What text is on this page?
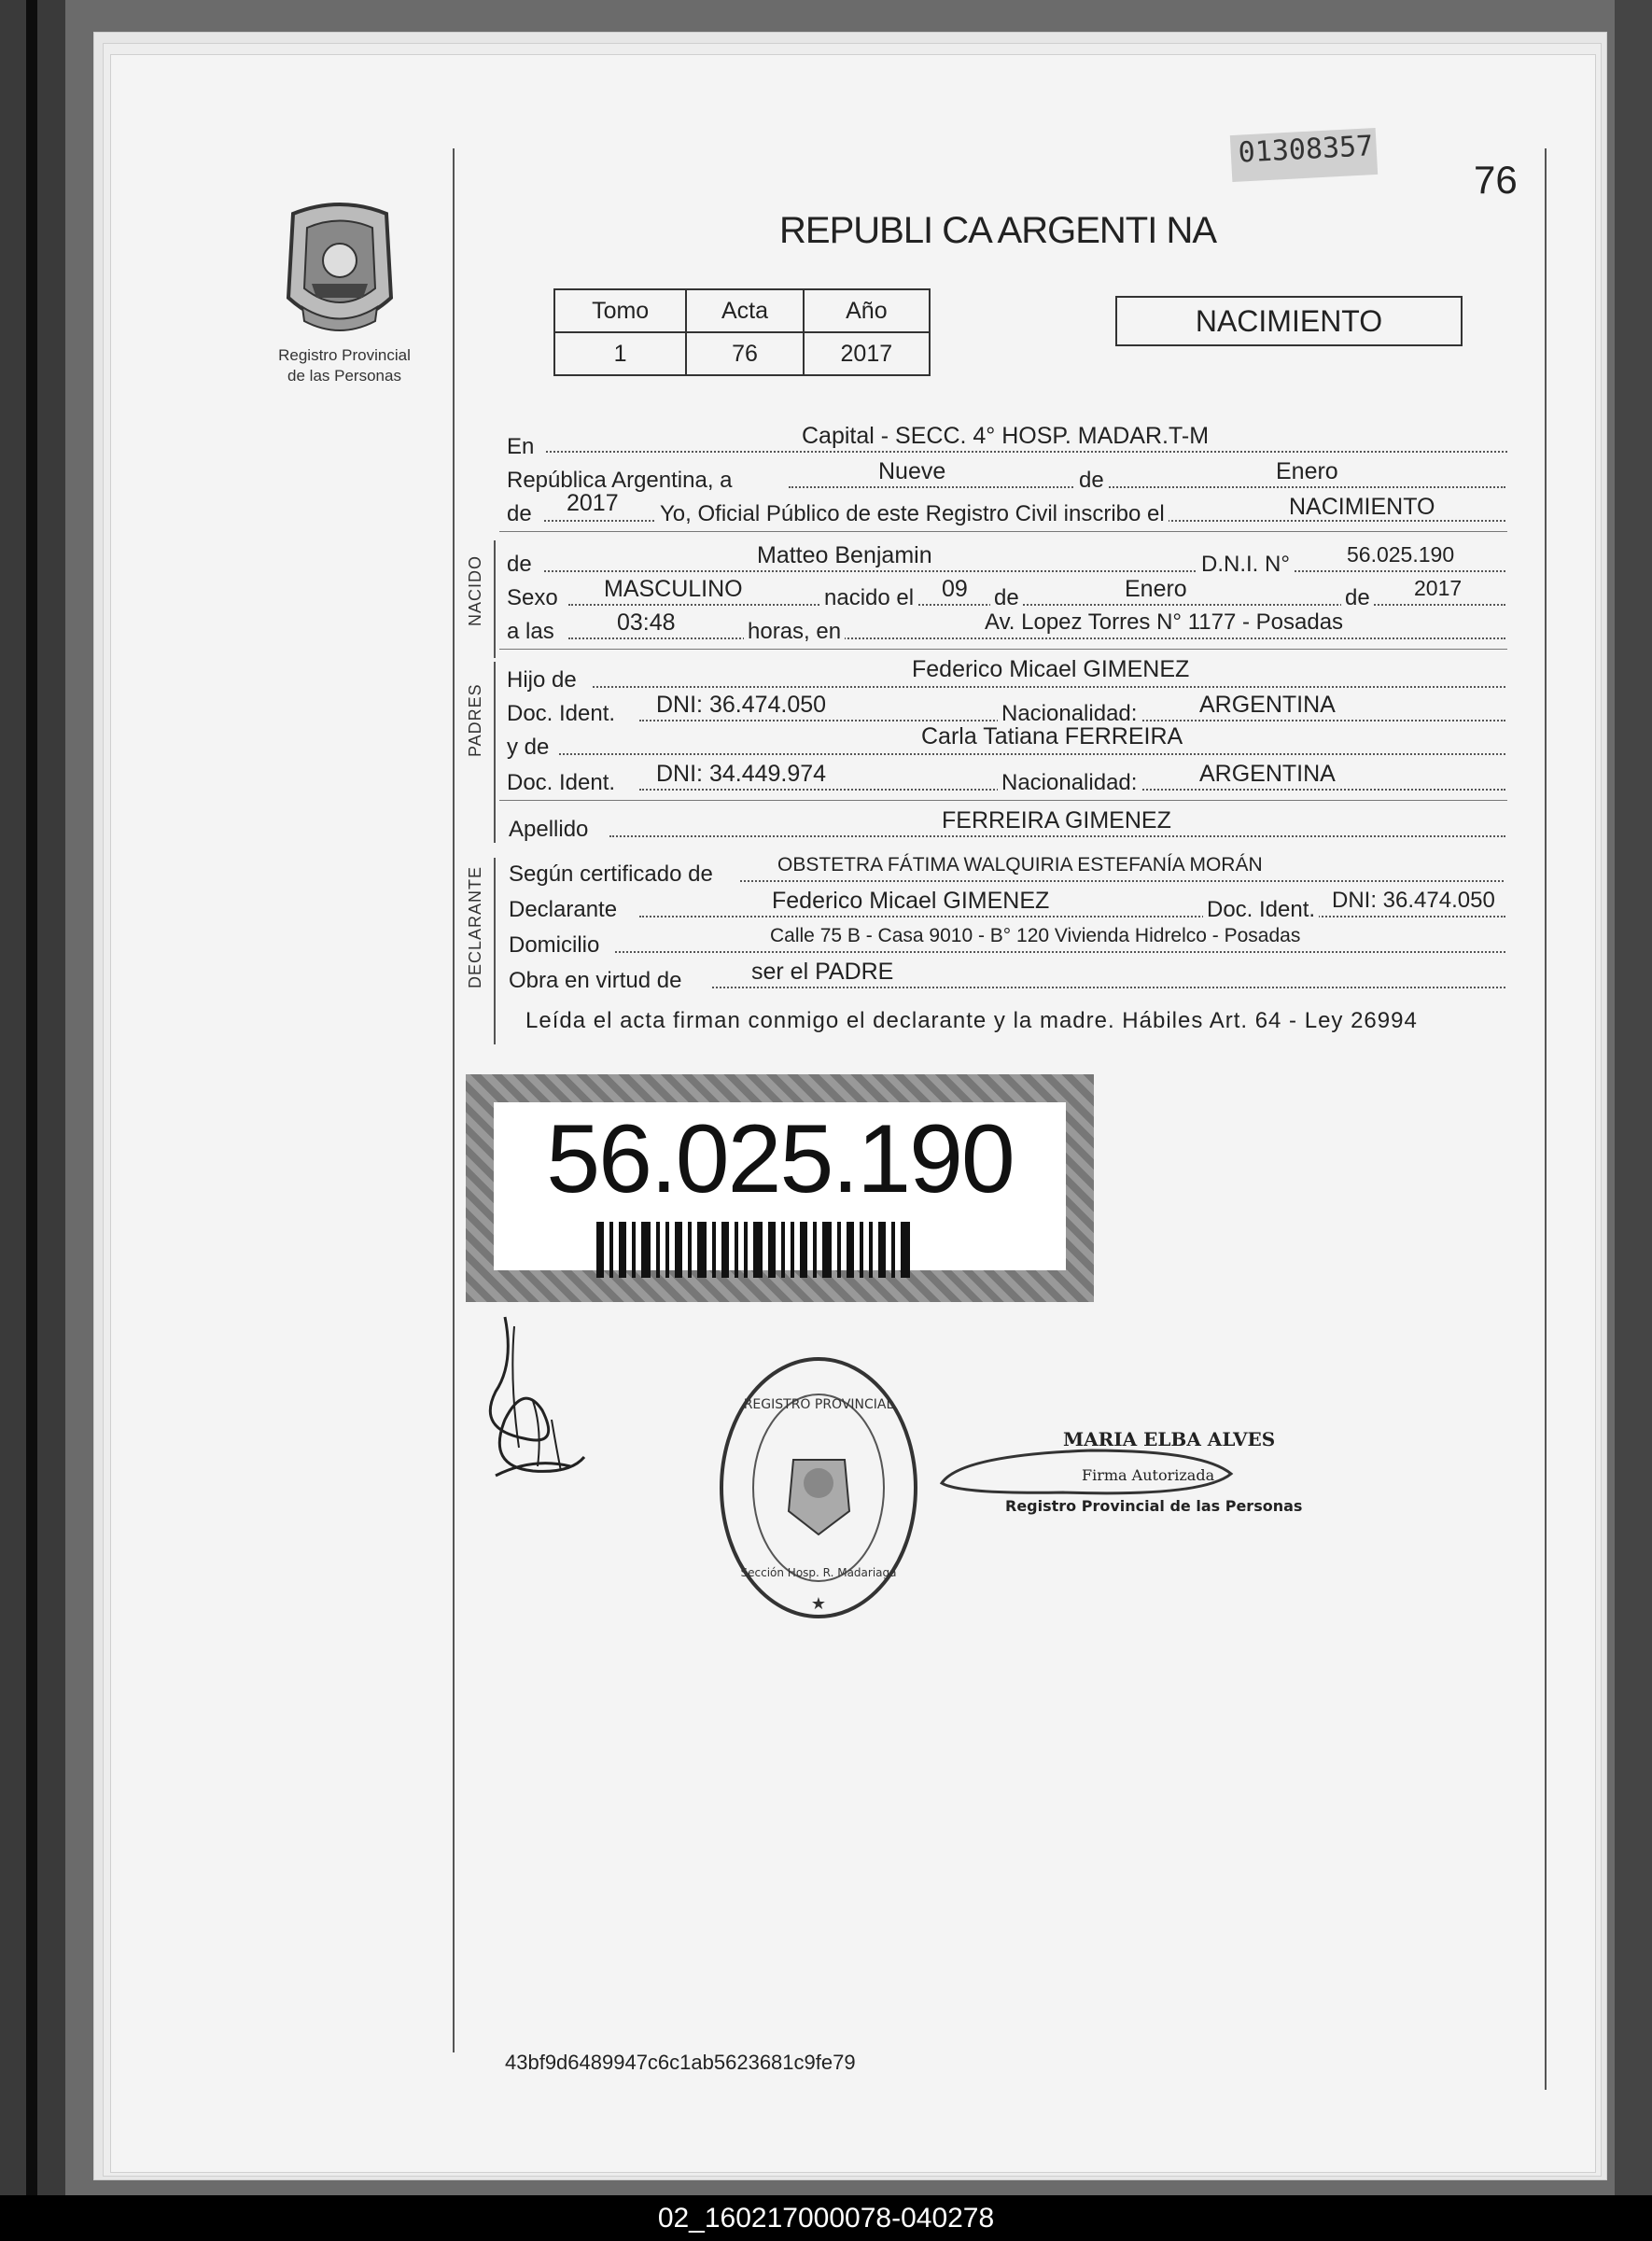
01308357
76
REPUBLI CA ARGENTI NA
Registro Provincial
de las Personas
Tomo	Acta	Año
1	76	2017
NACIMIENTO
En	Capital - SECC. 4° HOSP. MADAR.T-M
República Argentina, a	Nueve	de	Enero
de 2017 Yo, Oficial Público de este Registro Civil inscribo el	NACIMIENTO
NACIDO de	Matteo Benjamin	D.N.I. N°	56.025.190
Sexo MASCULINO	nacido el 09 de	Enero	de 2017
a las	03:48	horas, en	Av. Lopez Torres N° 1177 - Posadas
PADRES
Hijo de	Federico Micael GIMENEZ
Doc. Ident. DNI: 36.474.050	Nacionalidad:	ARGENTINA
y de	Carla Tatiana FERREIRA
Doc. Ident. DNI: 34.449.974	Nacionalidad:	ARGENTINA
Apellido	FERREIRA GIMENEZ
DECLARANTE Según certificado de	OBSTETRA FÁTIMA WALQUIRIA ESTEFANÍA MORÁN
Declarante	Federico Micael GIMENEZ	Doc. Ident. DNI: 36.474.050
Domicilio	Calle 75 B - Casa 9010 - B° 120 Vivienda Hidrelco - Posadas
Obra en virtud de	ser el PADRE
Leída el acta firman conmigo el declarante y la madre. Hábiles Art. 64 - Ley 26994
56.025.190
REGISTRO PROVINCIAL
Sección Hosp. R. Madariaga
★
MARIA ELBA ALVES
Firma Autorizada
Registro Provincial de las Personas
43bf9d6489947c6c1ab5623681c9fe79
02_160217000078-040278
